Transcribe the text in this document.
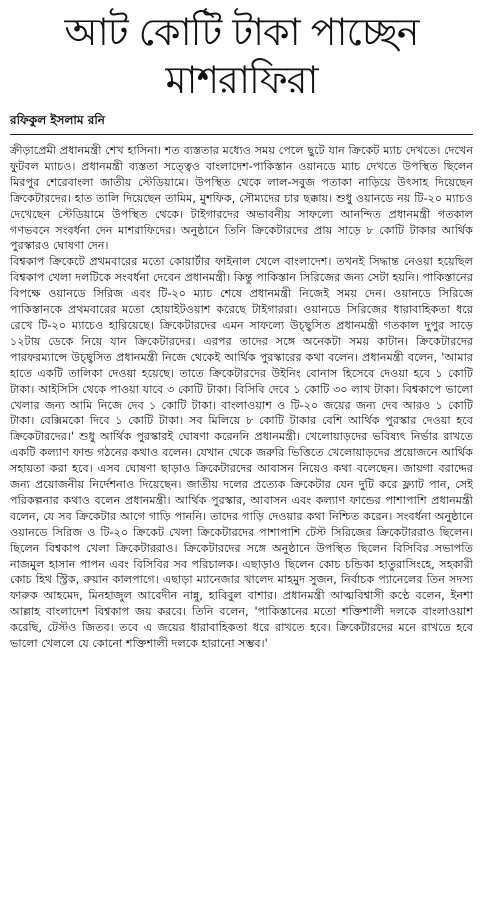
আট কোটি টাকা পাচ্ছেন
মাশরাফিরা
রফিকুল ইসলাম রনি

ক্রীড়াপ্রেমী প্রধানমন্ত্রী শেখ হাসিনা। শত ব্যস্ততার মধ্যেও সময় পেলে ছুটে যান ক্রিকেট ম্যাচ দেখতে। দেখেন ফুটবল ম্যাচও। প্রধানমন্ত্রী ব্যস্ততা সত্ত্বেও বাংলাদেশ-পাকিস্তান ওয়ানডে ম্যাচ দেখতে উপস্থিত ছিলেন মিরপুর শেরেবাংলা জাতীয় স্টেডিয়ামে। উপস্থিত থেকে লাল-সবুজ পতাকা নাড়িয়ে উৎসাহ দিয়েছেন ক্রিকেটারদের। হাত তালি দিয়েছেন তামিম, মুশফিক, সৌম্যদের চার ছক্কায়। শুধু ওয়ানডে নয় টি-২০ ম্যাচও দেখেছেন স্টেডিয়ামে উপস্থিত থেকে। টাইগারদের অভাবনীয় সাফল্যে আনন্দিত প্রধানমন্ত্রী গতকাল গণভবনে সংবর্ধনা দেন মাশরাফিদের। অনুষ্ঠানে তিনি ক্রিকেটারদের প্রায় সাড়ে ৮ কোটি টাকার আর্থিক পুরস্কারও ঘোষণা দেন।

বিশ্বকাপ ক্রিকেটে প্রথমবারের মতো কোয়ার্টার ফাইনাল খেলে বাংলাদেশ। তখনই সিদ্ধান্ত নেওয়া হয়েছিল বিশ্বকাপ খেলা দলটিকে সংবর্ধনা দেবেন প্রধানমন্ত্রী। কিন্তু পাকিস্তান সিরিজের জন্য সেটা হয়নি। পাকিস্তানের বিপক্ষে ওয়ানডে সিরিজ এবং টি-২০ ম্যাচ শেষে প্রধানমন্ত্রী নিজেই সময় দেন। ওয়ানডে সিরিজে পাকিস্তানকে প্রথমবারের মতো হোয়াইটওয়াশ করেছে টাইগাররা। ওয়ানডে সিরিজের ধারাবাহিকতা ধরে রেখে টি-২০ ম্যাচেও হারিয়েছে। ক্রিকেটারদের এমন সাফল্যে উচ্ছ্বসিত প্রধানমন্ত্রী গতকাল দুপুর সাড়ে ১২টায় ডেকে নিয়ে যান ক্রিকেটারদের। এরপর তাদের সঙ্গে অনেকটা সময় কাটান। ক্রিকেটারদের পারফরম্যান্সে উচ্ছ্বসিত প্রধানমন্ত্রী নিজে থেকেই আর্থিক পুরস্কারের কথা বলেন। প্রধানমন্ত্রী বলেন, 'আমার হাতে একটি তালিকা দেওয়া হয়েছে। তাতে ক্রিকেটারদের উইনিং বোনাস হিসেবে দেওয়া হবে ১ কোটি টাকা। আইসিসি থেকে পাওয়া যাবে ৩ কোটি টাকা। বিসিবি দেবে ১ কোটি ৩০ লাখ টাকা। বিশ্বকাপে ভালো খেলার জন্য আমি নিজে দেব ১ কোটি টাকা। বাংলাওয়াশ ও টি-২০ জয়ের জন্য দেব আরও ১ কোটি টাকা। বেক্সিমকো দিবে ১ কোটি টাকা। সব মিলিয়ে ৮ কোটি টাকার বেশি আর্থিক পুরস্কার দেওয়া হবে ক্রিকেটারদের।' শুধু আর্থিক পুরস্কারই ঘোষণা করেননি প্রধানমন্ত্রী। খেলোয়াড়দের ভবিষ্যৎ নির্ভার রাখতে একটি কল্যাণ ফান্ড গঠনের কথাও বলেন। যেখান থেকে জরুরি ভিত্তিতে খেলোয়াড়দের প্রয়োজনে আর্থিক সহায়তা করা হবে। এসব ঘোষণা ছাড়াও ক্রিকেটারদের আবাসন নিয়েও কথা বলেছেন। জায়গা বরাদ্দের জন্য প্রয়োজনীয় নির্দেশনাও দিয়েছেন। জাতীয় দলের প্রত্যেক ক্রিকেটার যেন দুটি করে ফ্ল্যাট পান, সেই পরিকল্পনার কথাও বলেন প্রধানমন্ত্রী। আর্থিক পুরস্কার, আবাসন এবং কল্যাণ ফান্ডের পাশাপাশি প্রধানমন্ত্রী বলেন, যে সব ক্রিকেটার আগে গাড়ি পাননি। তাদের গাড়ি দেওয়ার কথা নিশ্চিত করেন। সংবর্ধনা অনুষ্ঠানে ওয়ানডে সিরিজ ও টি-২০ ক্রিকেট খেলা ক্রিকেটারদের পাশাপাশি টেস্ট সিরিজের ক্রিকেটাররাও ছিলেন। ছিলেন বিশ্বকাপ খেলা ক্রিকেটাররাও। ক্রিকেটারদের সঙ্গে অনুষ্ঠানে উপস্থিত ছিলেন বিসিবির সভাপতি নাজমুল হাসান পাপন এবং বিসিবির সব পরিচালক। এছাড়াও ছিলেন কোচ চন্ডিকা হাতুরাসিংহে, সহকারী কোচ হিথ স্ট্রিক, রুয়ান কালপাগে। এছাড়া ম্যানেজার খালেদ মাহমুদ সুজন, নির্বাচক প্যানেলের তিন সদস্য ফারুক আহমেদ, মিনহাজুল আবেদীন নান্নু, হাবিবুল বাশার। প্রধানমন্ত্রী আত্মবিশ্বাসী কণ্ঠে বলেন, ইনশা আল্লাহ বাংলাদেশ বিশ্বকাপ জয় করবে। তিনি বলেন, 'পাকিস্তানের মতো শক্তিশালী দলকে বাংলাওয়াশ করেছি, টেস্টও জিতব। তবে এ জয়ের ধারাবাহিকতা ধরে রাখতে হবে। ক্রিকেটারদের মনে রাখতে হবে ভালো খেললে যে কোনো শক্তিশালী দলকে হারানো সম্ভব।'
